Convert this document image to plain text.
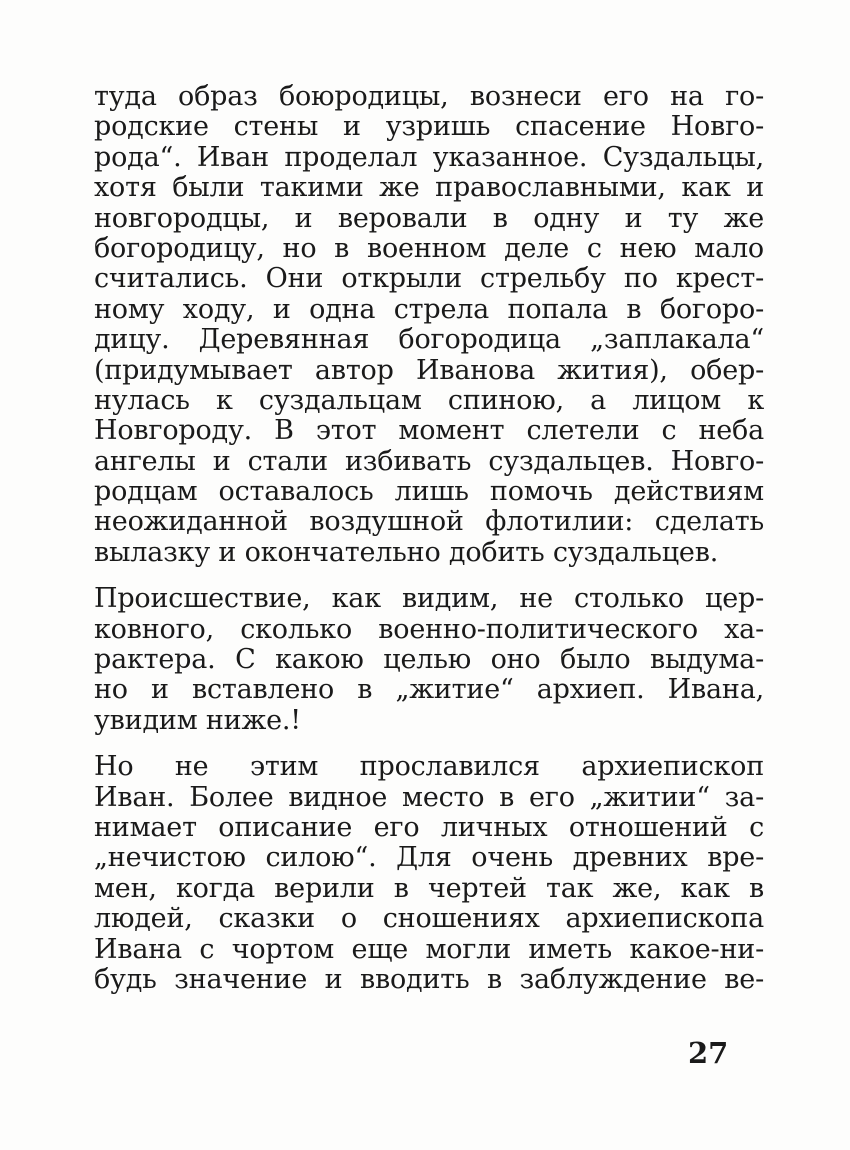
туда образ боюродицы, вознеси его на го-
родские стены и узришь спасение Новго-
рода“. Иван проделал указанное. Суздальцы,
хотя были такими же православными, как и
новгородцы, и веровали в одну и ту же
богородицу, но в военном деле с нею мало
считались. Они открыли стрельбу по крест-
ному ходу, и одна стрела попала в богоро-
дицу. Деревянная богородица „заплакала“
(придумывает автор Иванова жития), обер-
нулась к суздальцам спиною, а лицом к
Новгороду. В этот момент слетели с неба
ангелы и стали избивать суздальцев. Новго-
родцам оставалось лишь помочь действиям
неожиданной воздушной флотилии: сделать
вылазку и окончательно добить суздальцев.
Происшествие, как видим, не столько цер-
ковного, сколько военно-политического ха-
рактера. С какою целью оно было выдума-
но и вставлено в „житие“ архиеп. Ивана,
увидим ниже.!
Но не этим прославился архиепископ
Иван. Более видное место в его „житии“ за-
нимает описание его личных отношений с
„нечистою силою“. Для очень древних вре-
мен, когда верили в чертей так же, как в
людей, сказки о сношениях архиепископа
Ивана с чортом еще могли иметь какое-ни-
будь значение и вводить в заблуждение ве-
27
